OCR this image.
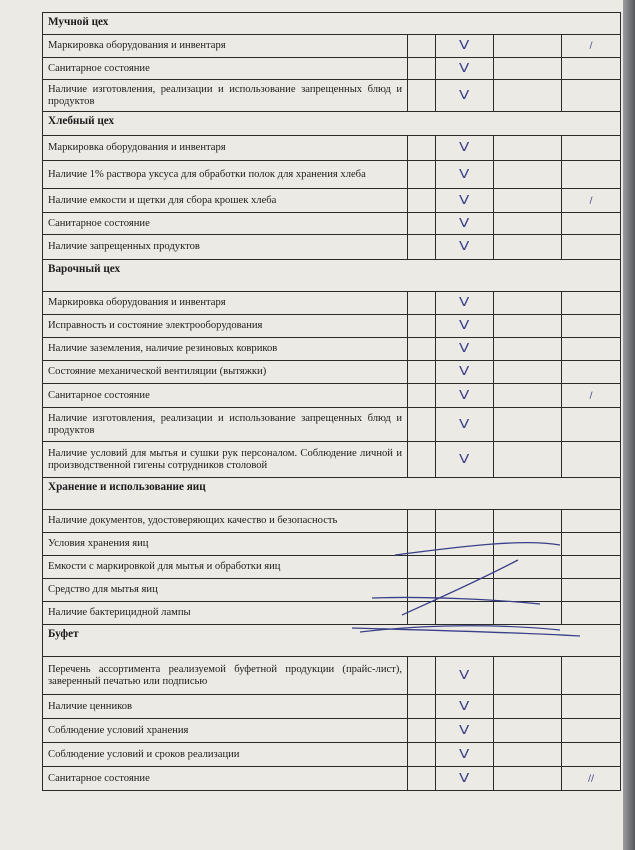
Мучной цех				
Маркировка оборудования и инвентаря		V		/
Санитарное состояние		V		
Наличие изготовления, реализации и использование запрещенных блюд и продуктов		V		
Хлебный цех				
Маркировка оборудования и инвентаря		V		
Наличие 1% раствора уксуса для обработки полок для хранения хлеба		V		
Наличие емкости и щетки для сбора крошек хлеба		V		/
Санитарное состояние		V		
Наличие запрещенных продуктов		V		
Варочный цех				
Маркировка оборудования и инвентаря		V		
Исправность и состояние электрооборудования		V		
Наличие заземления, наличие резиновых ковриков		V		
Состояние механической вентиляции (вытяжки)		V		
Санитарное состояние		V		/
Наличие изготовления, реализации и использование запрещенных блюд и продуктов		V		
Наличие условий для мытья и сушки рук персоналом. Соблюдение личной и производственной гигены сотрудников столовой		V		
Хранение и использование яиц				
Наличие документов, удостоверяющих качество и безопасность				
Условия хранения яиц				
Емкости с маркировкой для мытья и обработки яиц				
Средство для мытья яиц				
Наличие бактерицидной лампы				
Буфет				
Перечень ассортимента реализуемой буфетной продукции (прайс-лист), заверенный печатью или подписью		V		
Наличие ценников		V		
Соблюдение условий хранения		V		
Соблюдение условий и сроков реализации		V		
Санитарное состояние		V		//
